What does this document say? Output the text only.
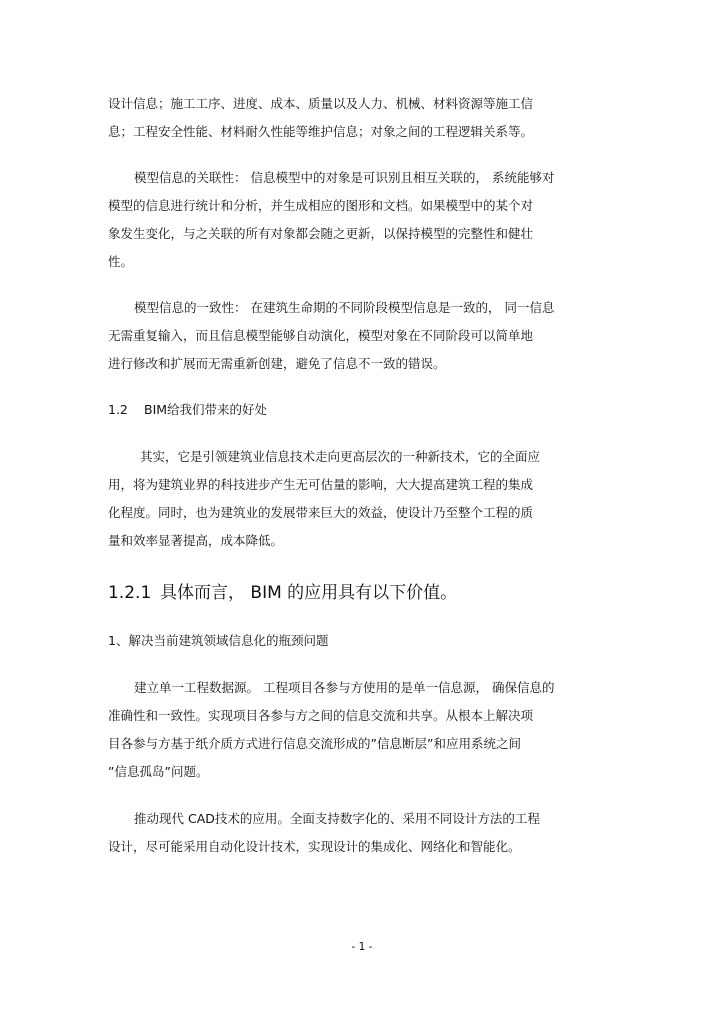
设计信息；施工工序、进度、成本、质量以及人力、机械、材料资源等施工信
息；工程安全性能、材料耐久性能等维护信息；对象之间的工程逻辑关系等。
模型信息的关联性： 信息模型中的对象是可识别且相互关联的， 系统能够对
模型的信息进行统计和分析，并生成相应的图形和文档。如果模型中的某个对
象发生变化，与之关联的所有对象都会随之更新，以保持模型的完整性和健壮
性。
模型信息的一致性： 在建筑生命期的不同阶段模型信息是一致的， 同一信息
无需重复输入，而且信息模型能够自动演化，模型对象在不同阶段可以简单地
进行修改和扩展而无需重新创建，避免了信息不一致的错误。
1.2 BIM给我们带来的好处
其实，它是引领建筑业信息技术走向更高层次的一种新技术，它的全面应
用，将为建筑业界的科技进步产生无可估量的影响，大大提高建筑工程的集成
化程度。同时，也为建筑业的发展带来巨大的效益，使设计乃至整个工程的质
量和效率显著提高，成本降低。
1.2.1 具体而言， BIM 的应用具有以下价值。
1、解决当前建筑领域信息化的瓶颈问题
建立单一工程数据源。 工程项目各参与方使用的是单一信息源， 确保信息的
准确性和一致性。实现项目各参与方之间的信息交流和共享。从根本上解决项
目各参与方基于纸介质方式进行信息交流形成的”信息断层”和应用系统之间
”信息孤岛”问题。
推动现代 CAD技术的应用。全面支持数字化的、采用不同设计方法的工程
设计，尽可能采用自动化设计技术，实现设计的集成化、网络化和智能化。
- 1 -
